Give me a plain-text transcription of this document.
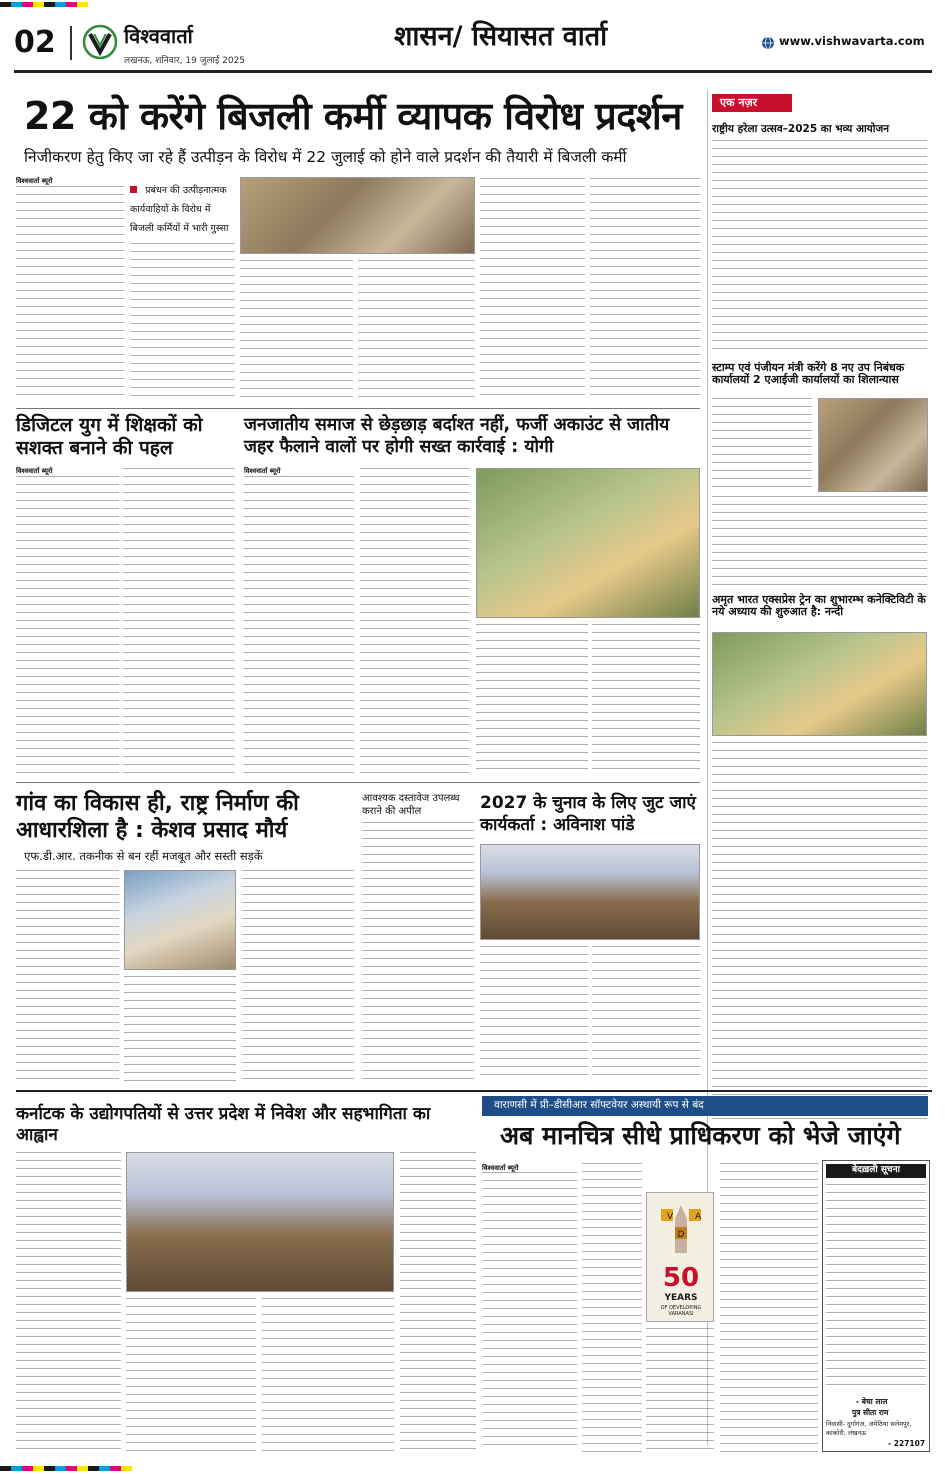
02	विश्ववार्ता
लखनऊ, शनिवार, 19 जुलाई 2025
शासन/ सियासत वार्ता	www.vishwavarta.com
22 को करेंगे बिजली कर्मी व्यापक विरोध प्रदर्शन
निजीकरण हेतु किए जा रहे हैं उत्पीड़न के विरोध में 22 जुलाई को होने वाले प्रदर्शन की तैयारी में बिजली कर्मी
विश्ववार्ता ब्यूरो
प्रबंधन की उत्पीड़नात्मक कार्यवाहियों के विरोध में बिजली कर्मियों में भारी गुस्सा
एक नज़र
राष्ट्रीय हरेला उत्सव–2025 का भव्य आयोजन
स्टाम्प एवं पंजीयन मंत्री करेंगे 8 नए उप निबंधक कार्यालयों 2 एआईजी कार्यालयों का शिलान्यास
अमृत भारत एक्सप्रेस ट्रेन का शुभारम्भ कनेक्टिविटी के नये अध्याय की शुरुआत है: नन्दी
डिजिटल युग में शिक्षकों को सशक्त बनाने की पहल
विश्ववार्ता ब्यूरो
जनजातीय समाज से छेड़छाड़ बर्दाश्त नहीं, फर्जी अकाउंट से जातीय जहर फैलाने वालों पर होगी सख्त कार्रवाई : योगी
विश्ववार्ता ब्यूरो
गांव का विकास ही, राष्ट्र निर्माण की आधारशिला है : केशव प्रसाद मौर्य
एफ.डी.आर. तकनीक से बन रहीं मजबूत और सस्ती सड़कें
आवश्यक दस्तावेज उपलब्ध कराने की अपील	2027 के चुनाव के लिए जुट जाएं कार्यकर्ता : अविनाश पांडे
कर्नाटक के उद्योगपतियों से उत्तर प्रदेश में निवेश और सहभागिता का आह्वान
वाराणसी में प्री–डीसीआर सॉफ्टवेयर अस्थायी रूप से बंद
अब मानचित्र सीधे प्राधिकरण को भेजे जाएंगे
विश्ववार्ता ब्यूरो
V A
D
50
YEARS
OF DEVELOPING VARANASI
बेदख़ली सूचना
- बेचा लाल
पुत्र सीता राम
निवासी- दुर्गागंज, अमेठिया सलेमपुर, काकोरी, लखनऊ
- 227107
